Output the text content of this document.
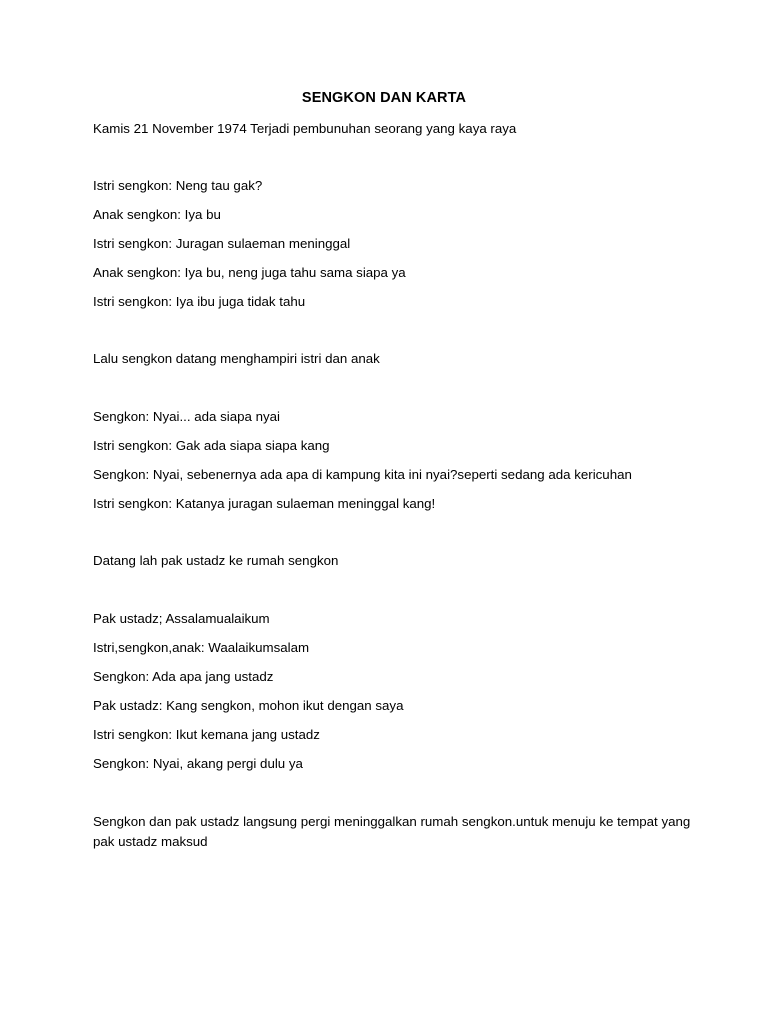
SENGKON DAN KARTA
Kamis 21 November 1974 Terjadi pembunuhan seorang yang kaya raya
Istri sengkon: Neng tau gak?
Anak sengkon: Iya bu
Istri sengkon: Juragan sulaeman meninggal
Anak sengkon: Iya bu, neng juga tahu sama siapa ya
Istri sengkon: Iya ibu juga tidak tahu
Lalu sengkon datang menghampiri istri dan anak
Sengkon: Nyai... ada siapa nyai
Istri sengkon: Gak ada siapa siapa kang
Sengkon: Nyai, sebenernya ada apa di kampung kita ini nyai?seperti sedang ada kericuhan
Istri sengkon: Katanya juragan sulaeman meninggal kang!
Datang lah pak ustadz ke rumah sengkon
Pak ustadz; Assalamualaikum
Istri,sengkon,anak: Waalaikumsalam
Sengkon: Ada apa jang ustadz
Pak ustadz: Kang sengkon, mohon ikut dengan saya
Istri sengkon: Ikut kemana jang ustadz
Sengkon: Nyai, akang pergi dulu ya
Sengkon dan pak ustadz langsung pergi meninggalkan rumah sengkon.untuk menuju ke tempat yang pak ustadz maksud
